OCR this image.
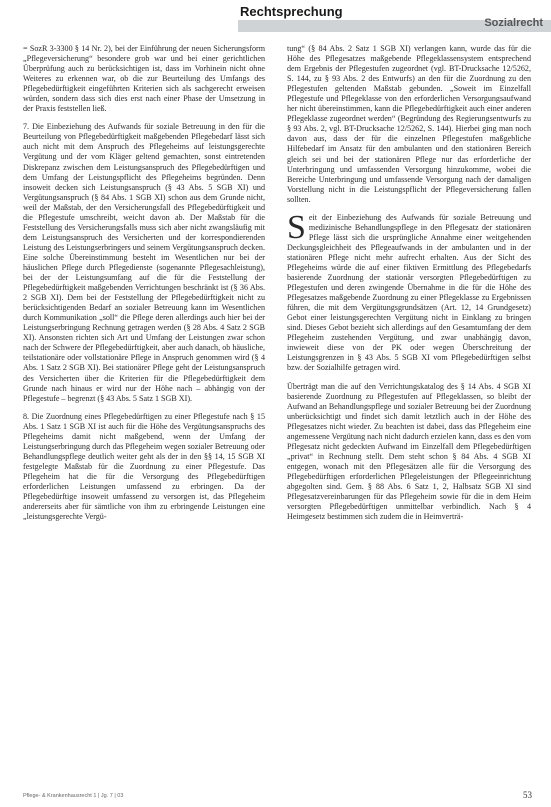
Rechtsprechung
Sozialrecht

= SozR 3-3300 § 14 Nr. 2), bei der Einführung der neuen Sicherungsform „Pflegeversicherung“ besondere grob war und bei einer gerichtlichen Überprüfung auch zu berücksichtigen ist, dass im Vorhinein nicht ohne Weiteres zu erkennen war, ob die zur Beurteilung des Umfangs des Pflegebedürftigkeit eingeführten Kriterien sich als sachgerecht erweisen würden, sondern dass sich dies erst nach einer Phase der Umsetzung in der Praxis feststellen ließ.

7. Die Einbeziehung des Aufwands für soziale Betreuung in den für die Beurteilung von Pflegebedürftigkeit maßgebenden Pflegebedarf lässt sich auch nicht mit dem Anspruch des Pflegeheims auf leistungsgerechte Vergütung und der vom Kläger geltend gemachten, sonst eintretenden Diskrepanz zwischen dem Leistungsanspruch des Pflegebedürftigen und dem Umfang der Leistungspflicht des Pflegeheims begründen. Denn insoweit decken sich Leistungsanspruch (§ 43 Abs. 5 SGB XI) und Vergütungsanspruch (§ 84 Abs. 1 SGB XI) schon aus dem Grunde nicht, weil der Maßstab, der den Versicherungsfall des Pflegebedürftigkeit und die Pflegestufe umschreibt, weicht davon ab. Der Maßstab für die Feststellung des Versicherungsfalls muss sich aber nicht zwangsläufig mit dem Leistungsanspruch des Versicherten und der korrespondierenden Leistung des Leistungserbringers und seinem Vergütungsanspruch decken. Eine solche Übereinstimmung besteht im Wesentlichen nur bei der häuslichen Pflege durch Pflegedienste (sogenannte Pflegesachleistung), bei der der Leistungsumfang auf die für die Feststellung der Pflegebedürftigkeit maßgebenden Verrichtungen beschränkt ist (§ 36 Abs. 2 SGB XI). Dem bei der Feststellung der Pflegebedürftigkeit nicht zu berücksichtigenden Bedarf an sozialer Betreuung kann im Wesentlichen durch Kommunikation „soll“ die Pflege deren allerdings auch hier bei der Leistungserbringung Rechnung getragen werden (§ 28 Abs. 4 Satz 2 SGB XI). Ansonsten richten sich Art und Umfang der Leistungen zwar schon nach der Schwere der Pflegebedürftigkeit, aber auch danach, ob häusliche, teilstationäre oder vollstationäre Pflege in Anspruch genommen wird (§ 4 Abs. 1 Satz 2 SGB XI). Bei stationärer Pflege geht der Leistungsanspruch des Versicherten über die Kriterien für die Pflegebedürftigkeit dem Grunde nach hinaus er wird nur der Höhe nach – abhängig von der Pflegestufe – begrenzt (§ 43 Abs. 5 Satz 1 SGB XI).

8. Die Zuordnung eines Pflegebedürftigen zu einer Pflegestufe nach § 15 Abs. 1 Satz 1 SGB XI ist auch für die Höhe des Vergütungsanspruchs des Pflegeheims damit nicht maßgebend, wenn der Umfang der Leistungserbringung durch das Pflegeheim wegen sozialer Betreuung oder Behandlungspflege deutlich weiter geht als der in den §§ 14, 15 SGB XI festgelegte Maßstab für die Zuordnung zu einer Pflegestufe. Das Pflegeheim hat die für die Versorgung des Pflegebedürftigen erforderlichen Leistungen umfassend zu erbringen. Da der Pflegebedürftige insoweit umfassend zu versorgen ist, das Pflegeheim andererseits aber für sämtliche von ihm zu erbringende Leistungen eine „leistungsgerechte Vergü-

tung“ (§ 84 Abs. 2 Satz 1 SGB XI) verlangen kann, wurde das für die Höhe des Pflegesatzes maßgebende Pflegeklassensystem entsprechend dem Ergebnis der Pflegestufen zugeordnet (vgl. BT-Drucksache 12/5262, S. 144, zu § 93 Abs. 2 des Entwurfs) an den für die Zuordnung zu den Pflegestufen geltenden Maßstab gebunden. „Soweit im Einzelfall Pflegestufe und Pflegeklasse von den erforderlichen Versorgungsaufwand her nicht übereinstimmen, kann die Pflegebedürftigkeit auch einer anderen Pflegeklasse zugeordnet werden“ (Begründung des Regierungsentwurfs zu § 93 Abs. 2, vgl. BT-Drucksache 12/5262, S. 144). Hierbei ging man noch davon aus, dass der für die einzelnen Pflegestufen maßgebliche Hilfebedarf im Ansatz für den ambulanten und den stationären Bereich gleich sei und bei der stationären Pflege nur das erforderliche der Unterbringung und umfassenden Versorgung hinzukomme, wobei die Bereiche Unterbringung und umfassende Versorgung nach der damaligen Vorstellung nicht in die Leistungspflicht der Pflegeversicherung fallen sollten.

Seit der Einbeziehung des Aufwands für soziale Betreuung und medizinische Behandlungspflege in den Pflegesatz der stationären Pflege lässt sich die ursprüngliche Annahme einer weitgehenden Deckungsgleichheit des Pflegeaufwands in der ambulanten und in der stationären Pflege nicht mehr aufrecht erhalten. Aus der Sicht des Pflegeheims würde die auf einer fiktiven Ermittlung des Pflegebedarfs basierende Zuordnung der stationär versorgten Pflegebedürftigen zu Pflegestufen und deren zwingende Übernahme in die für die Höhe des Pflegesatzes maßgebende Zuordnung zu einer Pflegeklasse zu Ergebnissen führen, die mit dem Vergütungsgrundsätzen (Art. 12, 14 Grundgesetz) Gebot einer leistungsgerechten Vergütung nicht in Einklang zu bringen sind. Dieses Gebot bezieht sich allerdings auf den Gesamtumfang der dem Pflegeheim zustehenden Vergütung, und zwar unabhängig davon, inwieweit diese von der PK oder wegen Überschreitung der Leistungsgrenzen in § 43 Abs. 5 SGB XI vom Pflegebedürftigen selbst bzw. der Sozialhilfe getragen wird.

Überträgt man die auf den Verrichtungskatalog des § 14 Abs. 4 SGB XI basierende Zuordnung zu Pflegestufen auf Pflegeklassen, so bleibt der Aufwand an Behandlungspflege und sozialer Betreuung bei der Zuordnung unberücksichtigt und findet sich damit letztlich auch in der Höhe des Pflegesatzes nicht wieder. Zu beachten ist dabei, dass das Pflegeheim eine angemessene Vergütung nach nicht dadurch erzielen kann, dass es den vom Pflegesatz nicht gedeckten Aufwand im Einzelfall dem Pflegebedürftigen „privat“ in Rechnung stellt. Dem steht schon § 84 Abs. 4 SGB XI entgegen, wonach mit den Pflegesätzen alle für die Versorgung des Pflegebedürftigen erforderlichen Pflegeleistungen der Pflegeeinrichtung abgegolten sind. Gem. § 88 Abs. 6 Satz 1, 2, Halbsatz SGB XI sind Pflegesatzvereinbarungen für das Pflegeheim sowie für die in dem Heim versorgten Pflegebedürftigen unmittelbar verbindlich. Nach § 4 Heimgesetz bestimmen sich zudem die in Heimverträ-

Pflege- & Krankenhausrecht 1 | Jg. 7 | 03	53
